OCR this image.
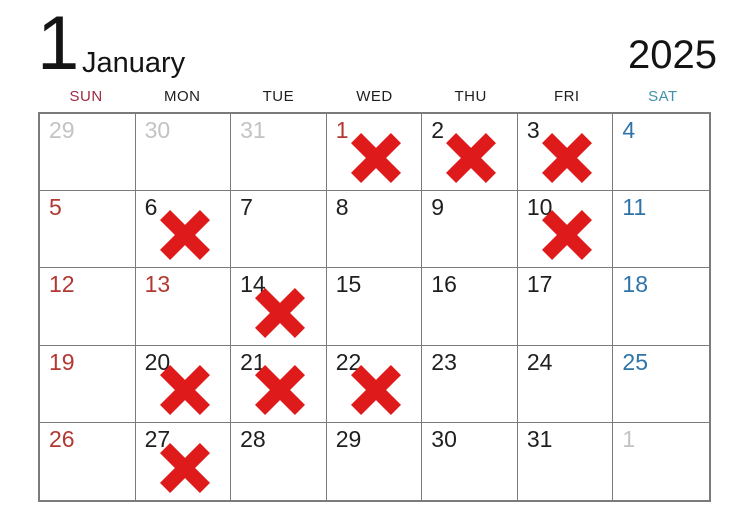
1 January	2025
SUN	MON	TUE	WED	THU	FRI	SAT
29	30	31	1	2	3	4
5	6	7	8	9	10	11
12	13	14	15	16	17	18
19	20	21	22	23	24	25
26	27	28	29	30	31	1
